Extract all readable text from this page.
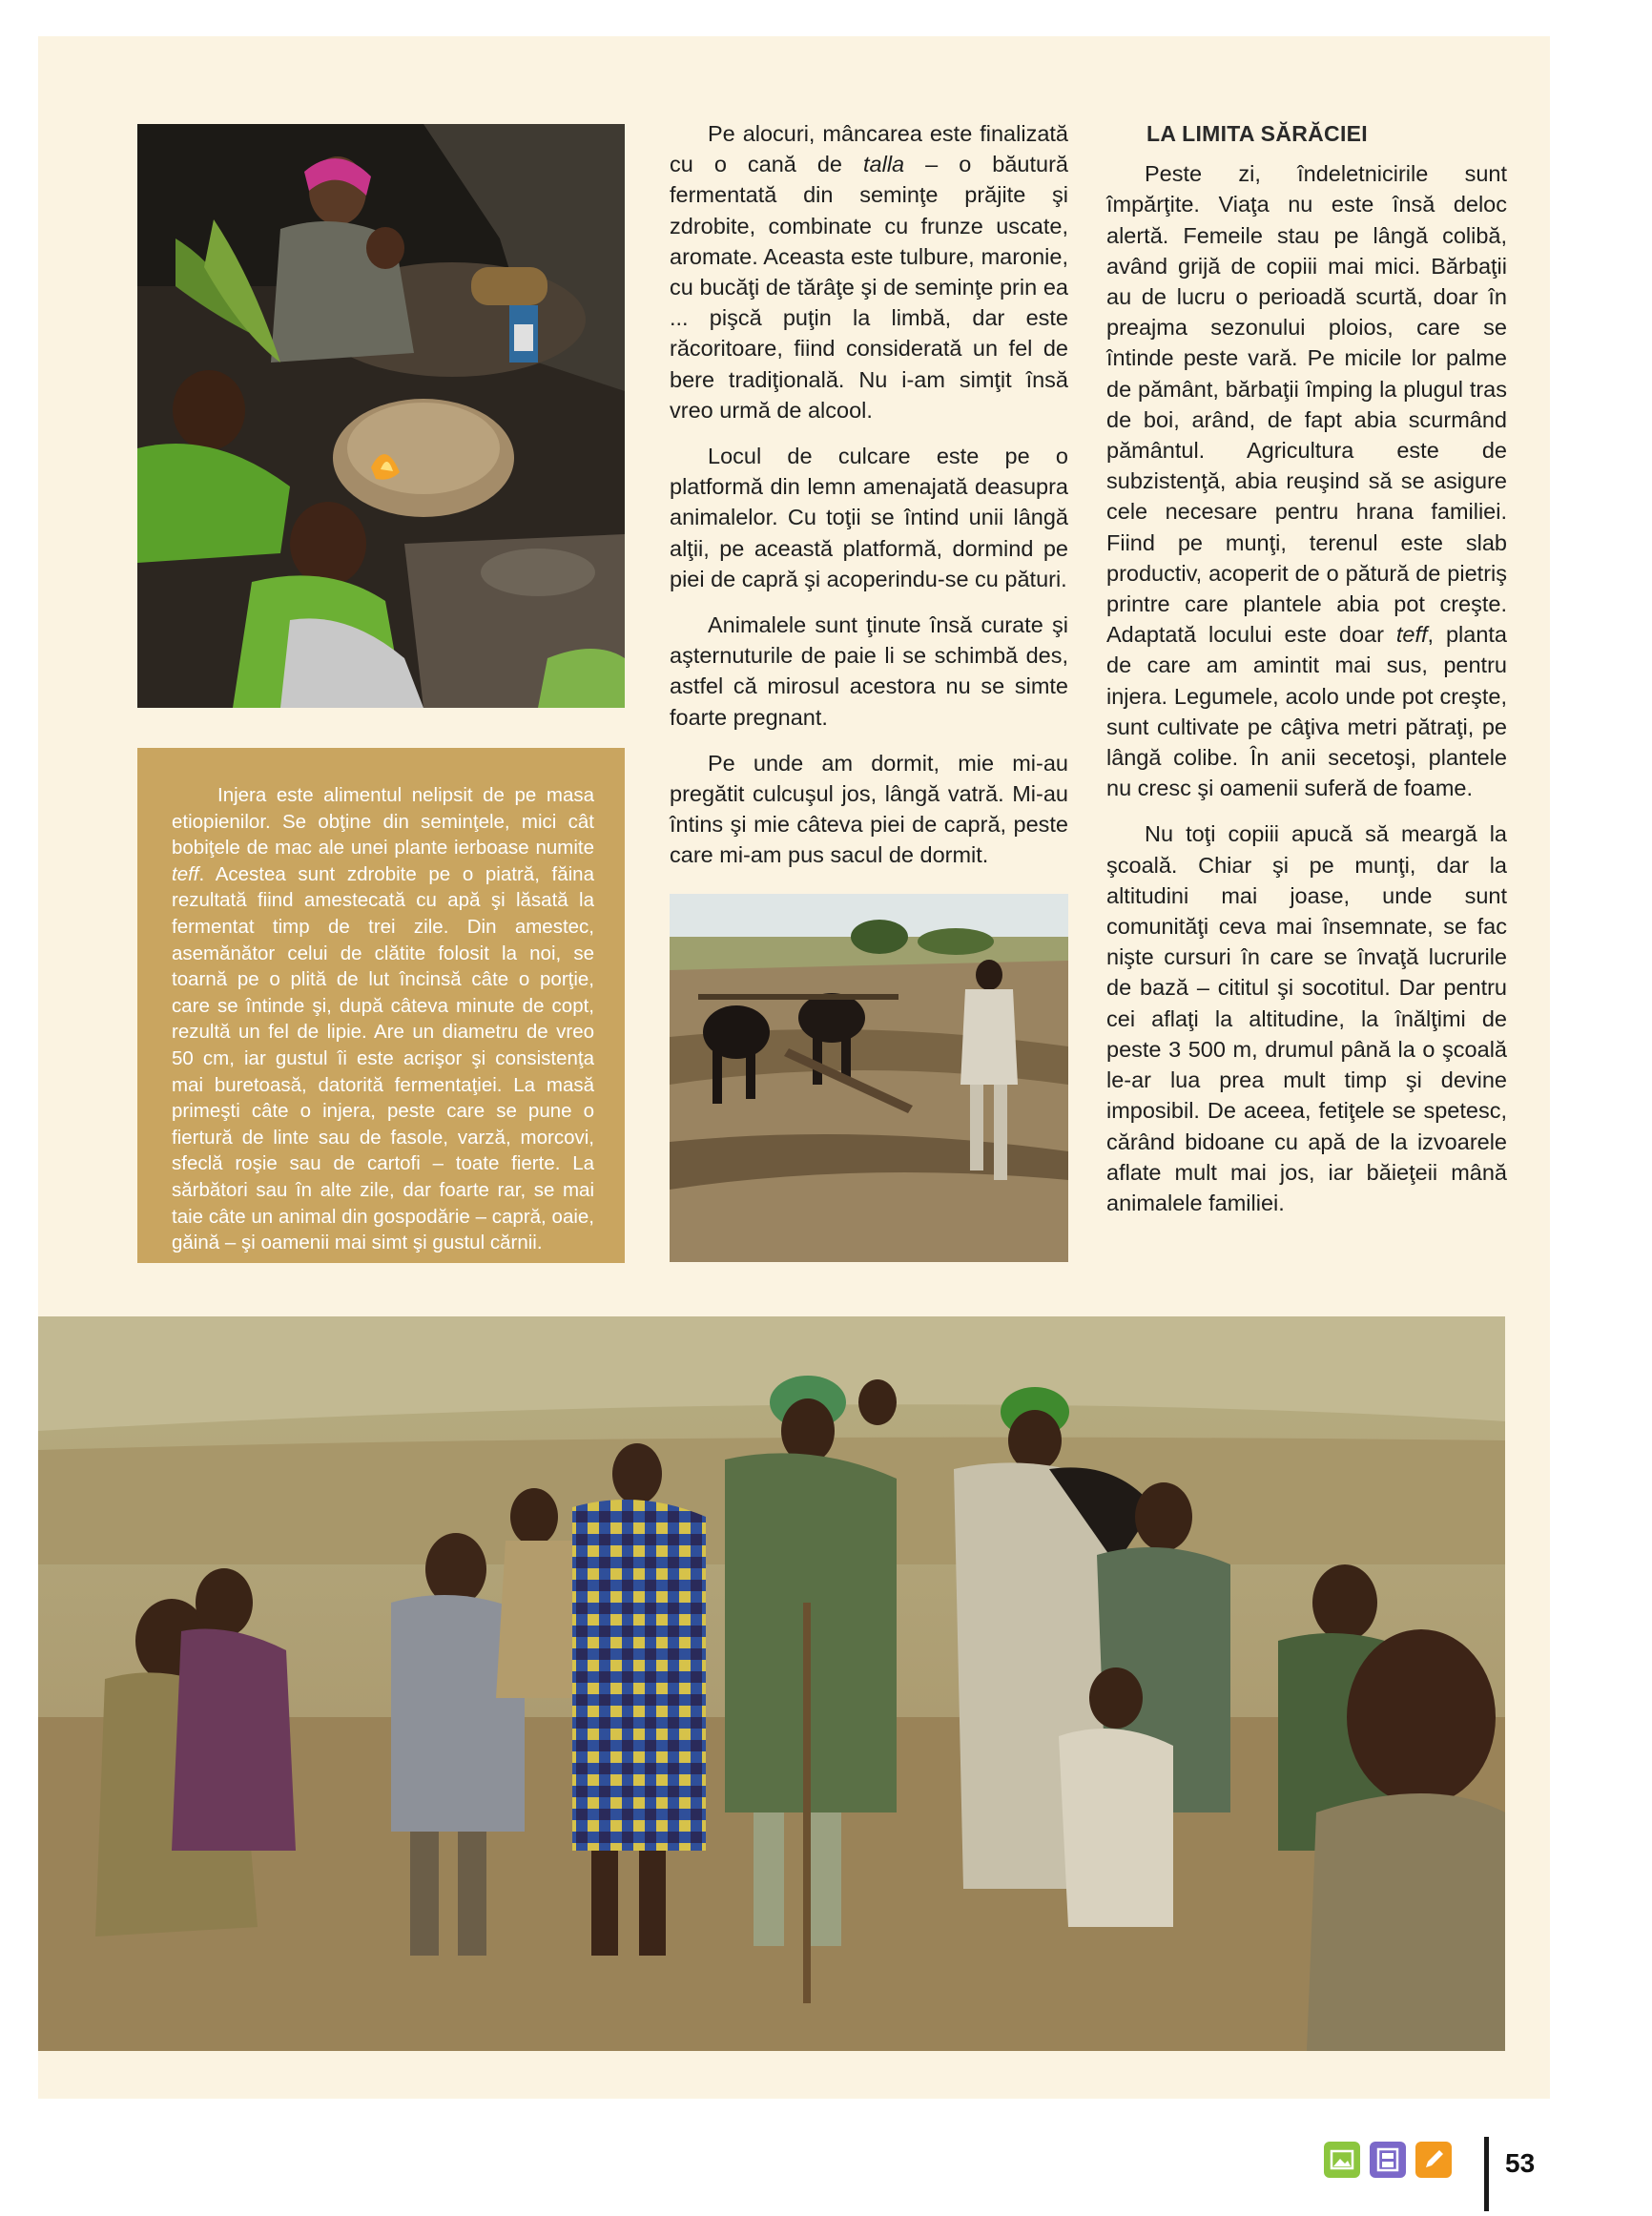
Injera este alimentul nelipsit de pe masa etiopienilor. Se obţine din seminţele, mici cât bobiţele de mac ale unei plante ierboase numite teff. Acestea sunt zdrobite pe o piatră, făina rezultată fiind amestecată cu apă şi lăsată la fermentat timp de trei zile. Din amestec, asemănător celui de clătite folosit la noi, se toarnă pe o plită de lut încinsă câte o porţie, care se întinde şi, după câteva minute de copt, rezultă un fel de lipie. Are un diametru de vreo 50 cm, iar gustul îi este acrişor şi consistenţa mai buretoasă, datorită fermentaţiei. La masă primeşti câte o injera, peste care se pune o fiertură de linte sau de fasole, varză, morcovi, sfeclă roşie sau de cartofi – toate fierte. La sărbători sau în alte zile, dar foarte rar, se mai taie câte un animal din gospodărie – capră, oaie, găină – şi oamenii mai simt şi gustul cărnii.

Pe alocuri, mâncarea este finalizată cu o cană de talla – o băutură fermentată din seminţe prăjite şi zdrobite, combinate cu frunze uscate, aromate. Aceasta este tulbure, maronie, cu bucăţi de tărâţe şi de seminţe prin ea ... pişcă puţin la limbă, dar este răcoritoare, fiind considerată un fel de bere tradiţională. Nu i-am simţit însă vreo urmă de alcool.

Locul de culcare este pe o platformă din lemn amenajată deasupra animalelor. Cu toţii se întind unii lângă alţii, pe această platformă, dormind pe piei de capră şi acoperindu-se cu pături.

Animalele sunt ţinute însă curate şi aşternuturile de paie li se schimbă des, astfel că mirosul acestora nu se simte foarte pregnant.

Pe unde am dormit, mie mi-au pregătit culcuşul jos, lângă vatră. Mi-au întins şi mie câteva piei de capră, peste care mi-am pus sacul de dormit.

LA LIMITA SĂRĂCIEI

Peste zi, îndeletnicirile sunt împărţite. Viaţa nu este însă deloc alertă. Femeile stau pe lângă colibă, având grijă de copiii mai mici. Bărbaţii au de lucru o perioadă scurtă, doar în preajma sezonului ploios, care se întinde peste vară. Pe micile lor palme de pământ, bărbaţii împing la plugul tras de boi, arând, de fapt abia scurmând pământul. Agricultura este de subzistenţă, abia reuşind să se asigure cele necesare pentru hrana familiei. Fiind pe munţi, terenul este slab productiv, acoperit de o pătură de pietriş printre care plantele abia pot creşte. Adaptată locului este doar teff, planta de care am amintit mai sus, pentru injera. Legumele, acolo unde pot creşte, sunt cultivate pe câţiva metri pătraţi, pe lângă colibe. În anii secetoşi, plantele nu cresc şi oamenii suferă de foame.

Nu toţi copiii apucă să meargă la şcoală. Chiar şi pe munţi, dar la altitudini mai joase, unde sunt comunităţi ceva mai însemnate, se fac nişte cursuri în care se învaţă lucrurile de bază – cititul şi socotitul. Dar pentru cei aflaţi la altitudine, la înălţimi de peste 3 500 m, drumul până la o şcoală le-ar lua prea mult timp şi devine imposibil. De aceea, fetiţele se spetesc, cărând bidoane cu apă de la izvoarele aflate mult mai jos, iar băieţeii mână animalele familiei.

53
